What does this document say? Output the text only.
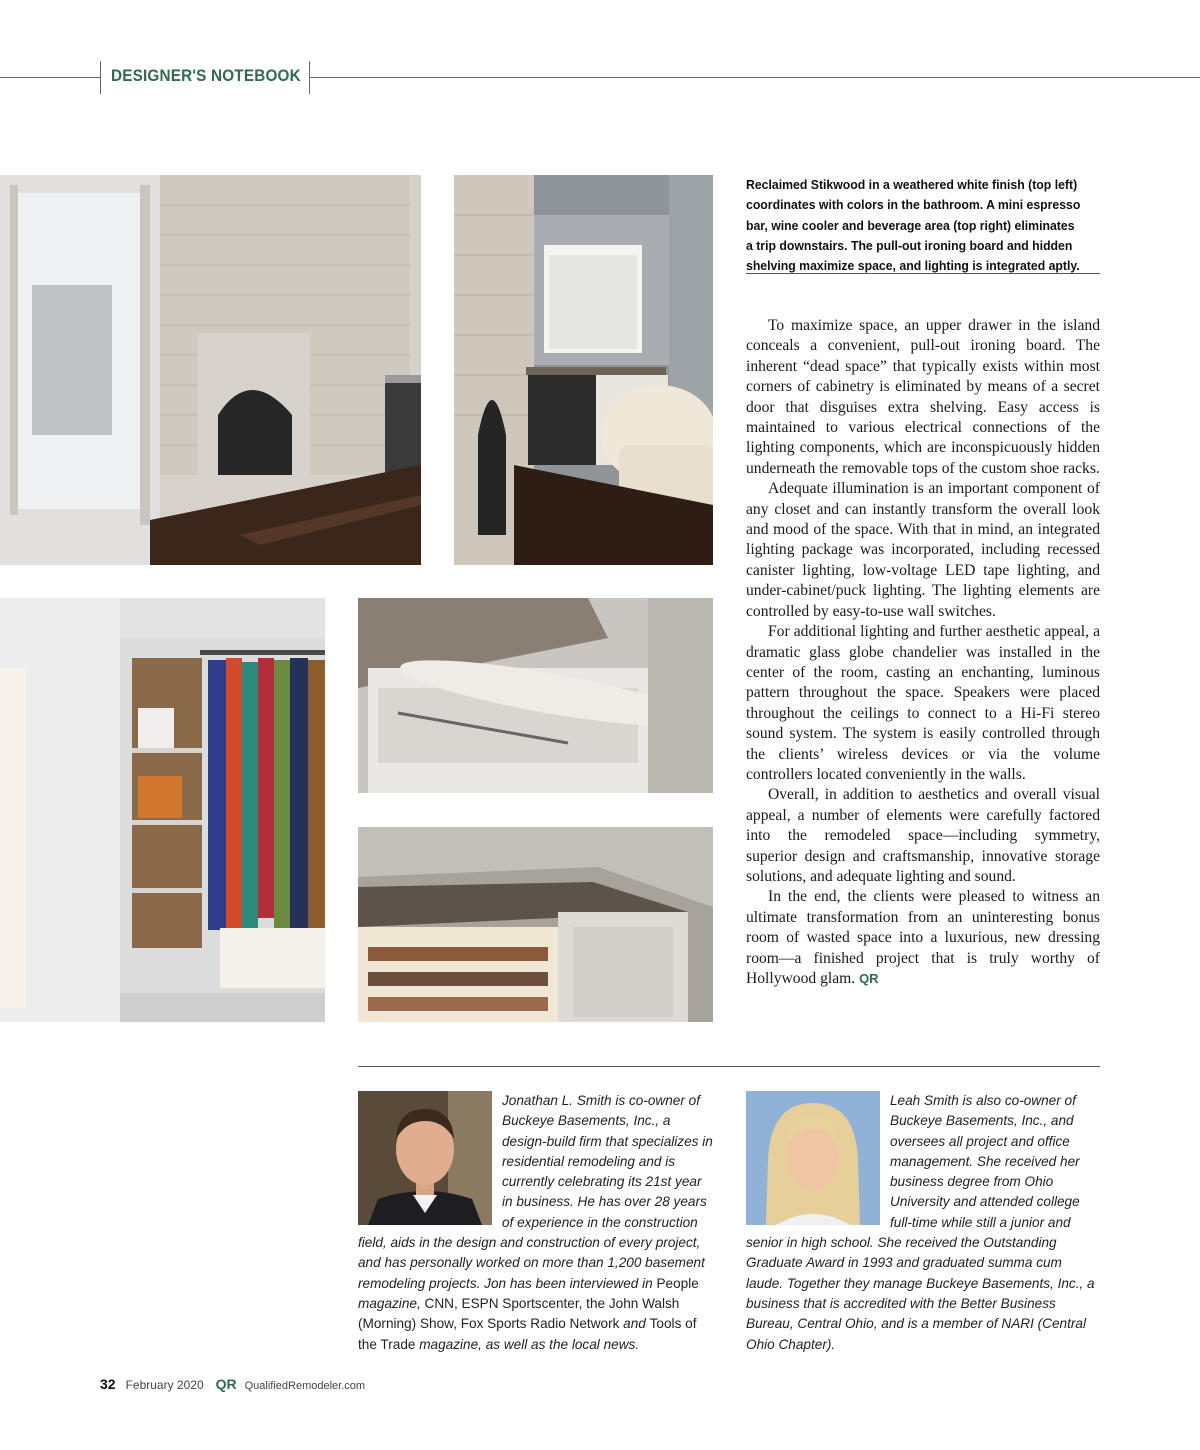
DESIGNER'S NOTEBOOK
Reclaimed Stikwood in a weathered white finish (top left) coordinates with colors in the bathroom. A mini espresso bar, wine cooler and beverage area (top right) eliminates a trip downstairs. The pull-out ironing board and hidden shelving maximize space, and lighting is integrated aptly.

To maximize space, an upper drawer in the island conceals a convenient, pull-out ironing board. The inherent “dead space” that typically exists within most corners of cabinetry is eliminated by means of a secret door that disguises extra shelving. Easy access is maintained to various electrical connections of the lighting components, which are inconspicuously hidden underneath the removable tops of the custom shoe racks.

Adequate illumination is an important component of any closet and can instantly transform the overall look and mood of the space. With that in mind, an integrated lighting package was incorporated, including recessed canister lighting, low-voltage LED tape lighting, and under-cabinet/puck lighting. The lighting elements are controlled by easy-to-use wall switches.

For additional lighting and further aesthetic appeal, a dramatic glass globe chandelier was installed in the center of the room, casting an enchanting, luminous pattern throughout the space. Speakers were placed throughout the ceilings to connect to a Hi-Fi stereo sound system. The system is easily controlled through the clients’ wireless devices or via the volume controllers located conveniently in the walls.

Overall, in addition to aesthetics and overall visual appeal, a number of elements were carefully factored into the remodeled space—including symmetry, superior design and craftsmanship, innovative storage solutions, and adequate lighting and sound.

In the end, the clients were pleased to witness an ultimate transformation from an uninteresting bonus room of wasted space into a luxurious, new dressing room—a finished project that is truly worthy of Hollywood glam. QR

Jonathan L. Smith is co-owner of Buckeye Basements, Inc., a design-build firm that specializes in residential remodeling and is currently celebrating its 21st year in business. He has over 28 years of experience in the construction field, aids in the design and construction of every project, and has personally worked on more than 1,200 basement remodeling projects. Jon has been interviewed in People magazine, CNN, ESPN Sportscenter, the John Walsh (Morning) Show, Fox Sports Radio Network and Tools of the Trade magazine, as well as the local news.
Leah Smith is also co-owner of Buckeye Basements, Inc., and oversees all project and office management. She received her business degree from Ohio University and attended college full-time while still a junior and senior in high school. She received the Outstanding Graduate Award in 1993 and graduated summa cum laude. Together they manage Buckeye Basements, Inc., a business that is accredited with the Better Business Bureau, Central Ohio, and is a member of NARI (Central Ohio Chapter).
32 February 2020 QR QualifiedRemodeler.com
